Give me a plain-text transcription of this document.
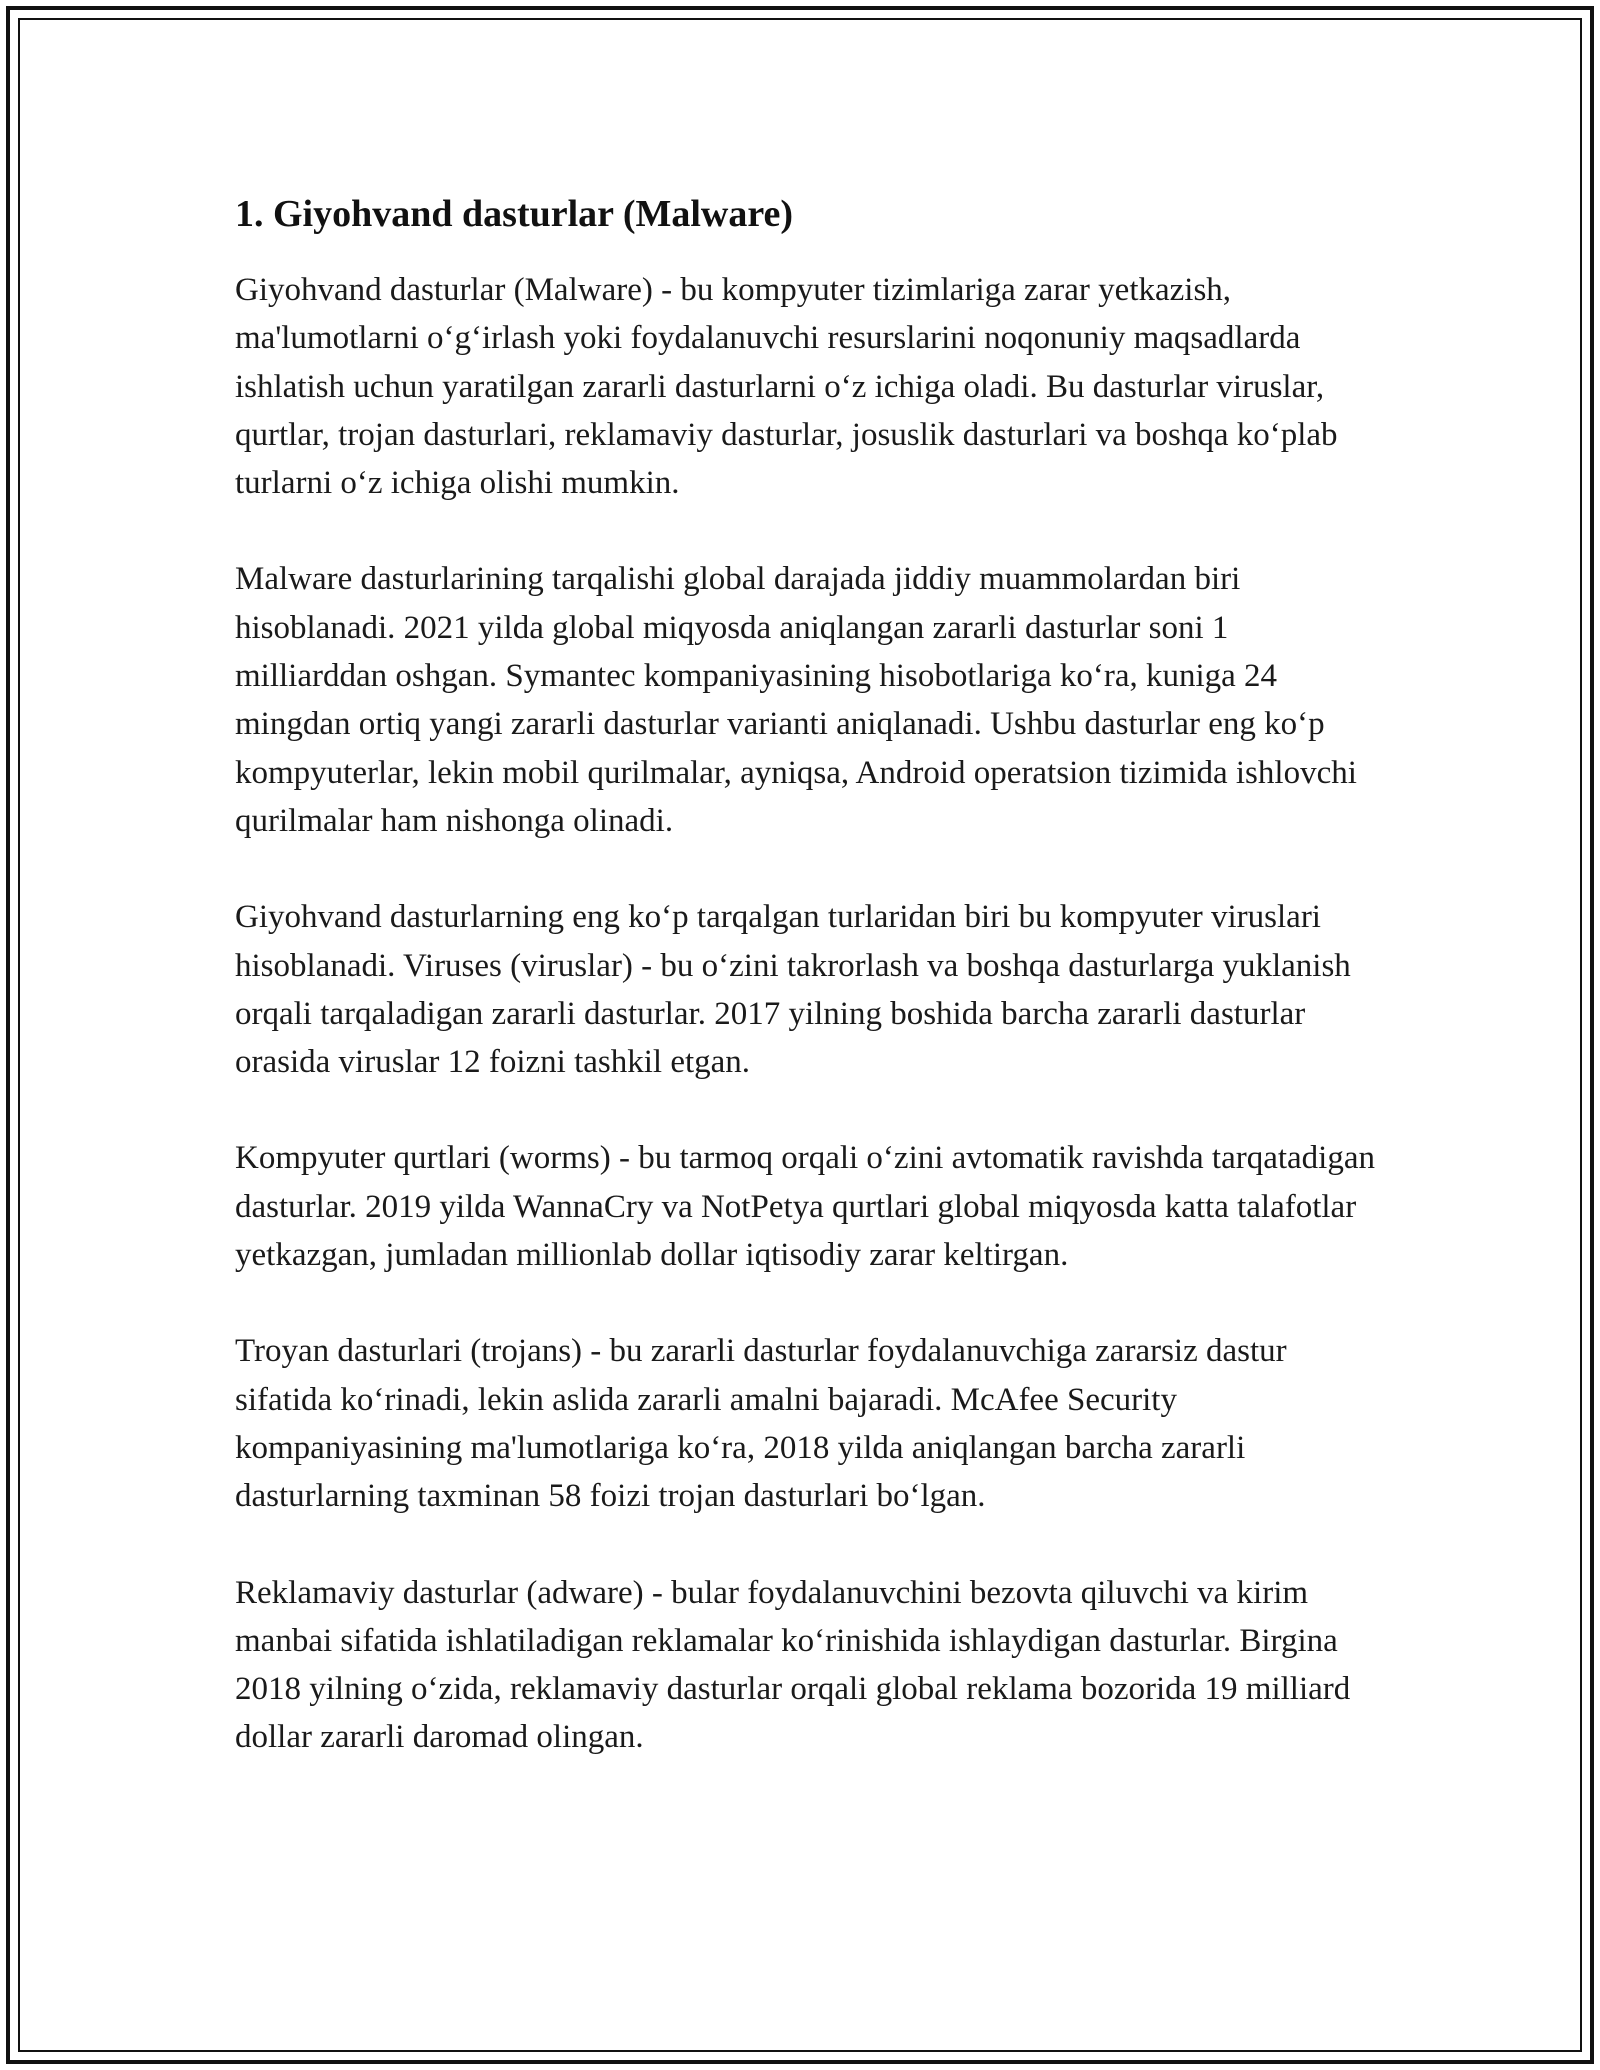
1. Giyohvand dasturlar (Malware)

Giyohvand dasturlar (Malware) - bu kompyuter tizimlariga zarar yetkazish, ma'lumotlarni o‘g‘irlash yoki foydalanuvchi resurslarini noqonuniy maqsadlarda ishlatish uchun yaratilgan zararli dasturlarni o‘z ichiga oladi. Bu dasturlar viruslar, qurtlar, trojan dasturlari, reklamaviy dasturlar, josuslik dasturlari va boshqa ko‘plab turlarni o‘z ichiga olishi mumkin.

Malware dasturlarining tarqalishi global darajada jiddiy muammolardan biri hisoblanadi. 2021 yilda global miqyosda aniqlangan zararli dasturlar soni 1 milliarddan oshgan. Symantec kompaniyasining hisobotlariga ko‘ra, kuniga 24 mingdan ortiq yangi zararli dasturlar varianti aniqlanadi. Ushbu dasturlar eng ko‘p kompyuterlar, lekin mobil qurilmalar, ayniqsa, Android operatsion tizimida ishlovchi qurilmalar ham nishonga olinadi.

Giyohvand dasturlarning eng ko‘p tarqalgan turlaridan biri bu kompyuter viruslari hisoblanadi. Viruses (viruslar) - bu o‘zini takrorlash va boshqa dasturlarga yuklanish orqali tarqaladigan zararli dasturlar. 2017 yilning boshida barcha zararli dasturlar orasida viruslar 12 foizni tashkil etgan.

Kompyuter qurtlari (worms) - bu tarmoq orqali o‘zini avtomatik ravishda tarqatadigan dasturlar. 2019 yilda WannaCry va NotPetya qurtlari global miqyosda katta talafotlar yetkazgan, jumladan millionlab dollar iqtisodiy zarar keltirgan.

Troyan dasturlari (trojans) - bu zararli dasturlar foydalanuvchiga zararsiz dastur sifatida ko‘rinadi, lekin aslida zararli amalni bajaradi. McAfee Security kompaniyasining ma'lumotlariga ko‘ra, 2018 yilda aniqlangan barcha zararli dasturlarning taxminan 58 foizi trojan dasturlari bo‘lgan.

Reklamaviy dasturlar (adware) - bular foydalanuvchini bezovta qiluvchi va kirim manbai sifatida ishlatiladigan reklamalar ko‘rinishida ishlaydigan dasturlar. Birgina 2018 yilning o‘zida, reklamaviy dasturlar orqali global reklama bozorida 19 milliard dollar zararli daromad olingan.
